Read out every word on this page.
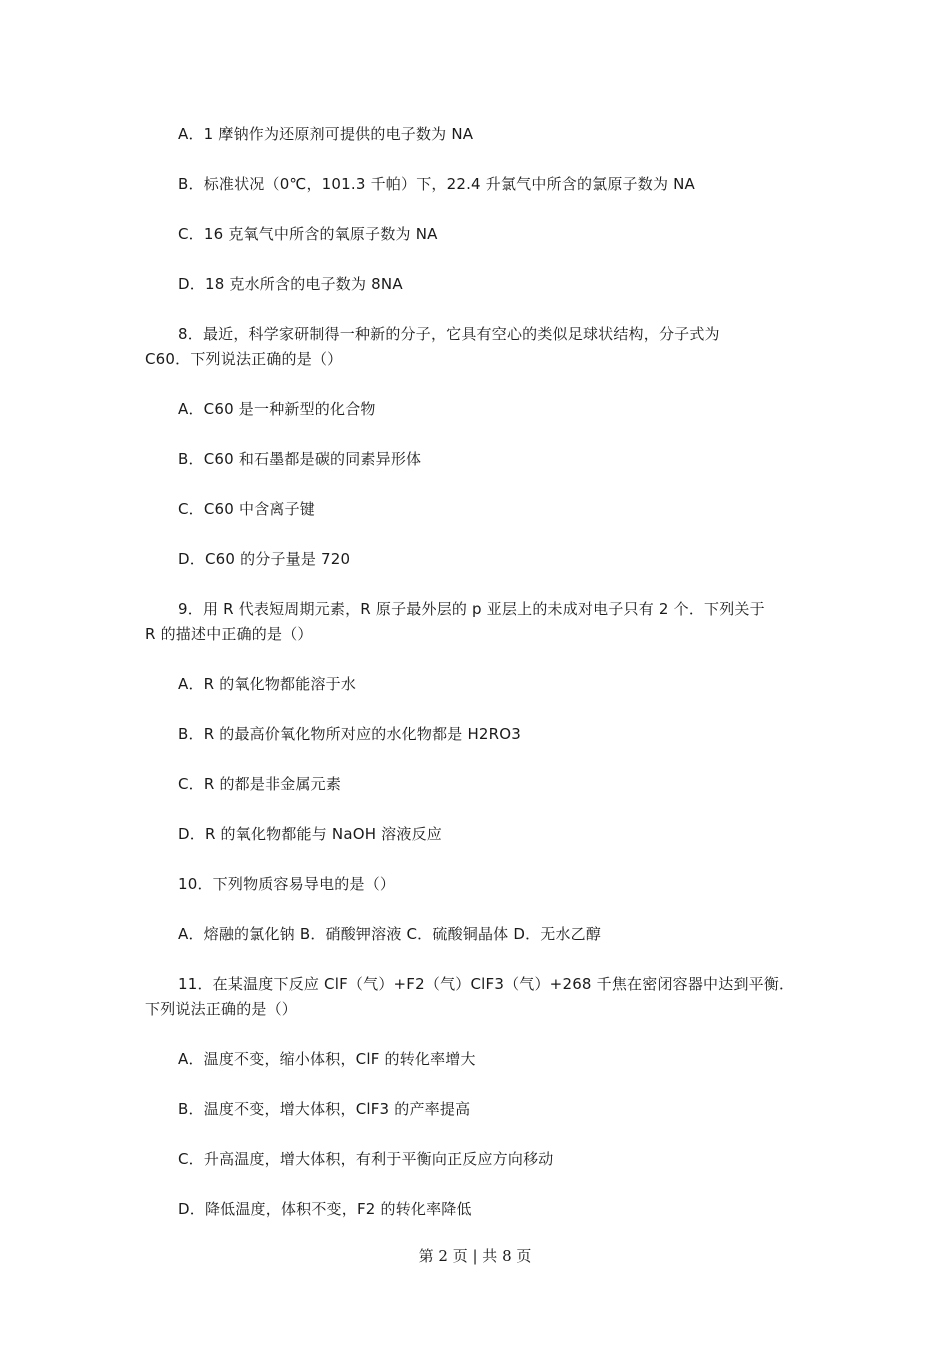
A．1 摩钠作为还原剂可提供的电子数为 NA
B．标准状况（0℃，101.3 千帕）下，22.4 升氯气中所含的氯原子数为 NA
C．16 克氧气中所含的氧原子数为 NA
D．18 克水所含的电子数为 8NA
8．最近，科学家研制得一种新的分子，它具有空心的类似足球状结构，分子式为
C60．下列说法正确的是（）
A．C60 是一种新型的化合物
B．C60 和石墨都是碳的同素异形体
C．C60 中含离子键
D．C60 的分子量是 720
9．用 R 代表短周期元素，R 原子最外层的 p 亚层上的未成对电子只有 2 个．下列关于
R 的描述中正确的是（）
A．R 的氧化物都能溶于水
B．R 的最高价氧化物所对应的水化物都是 H2RO3
C．R 的都是非金属元素
D．R 的氧化物都能与 NaOH 溶液反应
10．下列物质容易导电的是（）
A．熔融的氯化钠 B．硝酸钾溶液 C．硫酸铜晶体 D．无水乙醇
11．在某温度下反应 ClF（气）+F2（气）ClF3（气）+268 千焦在密闭容器中达到平衡．
下列说法正确的是（）
A．温度不变，缩小体积，ClF 的转化率增大
B．温度不变，增大体积，ClF3 的产率提高
C．升高温度，增大体积，有利于平衡向正反应方向移动
D．降低温度，体积不变，F2 的转化率降低
第 2 页 | 共 8 页
